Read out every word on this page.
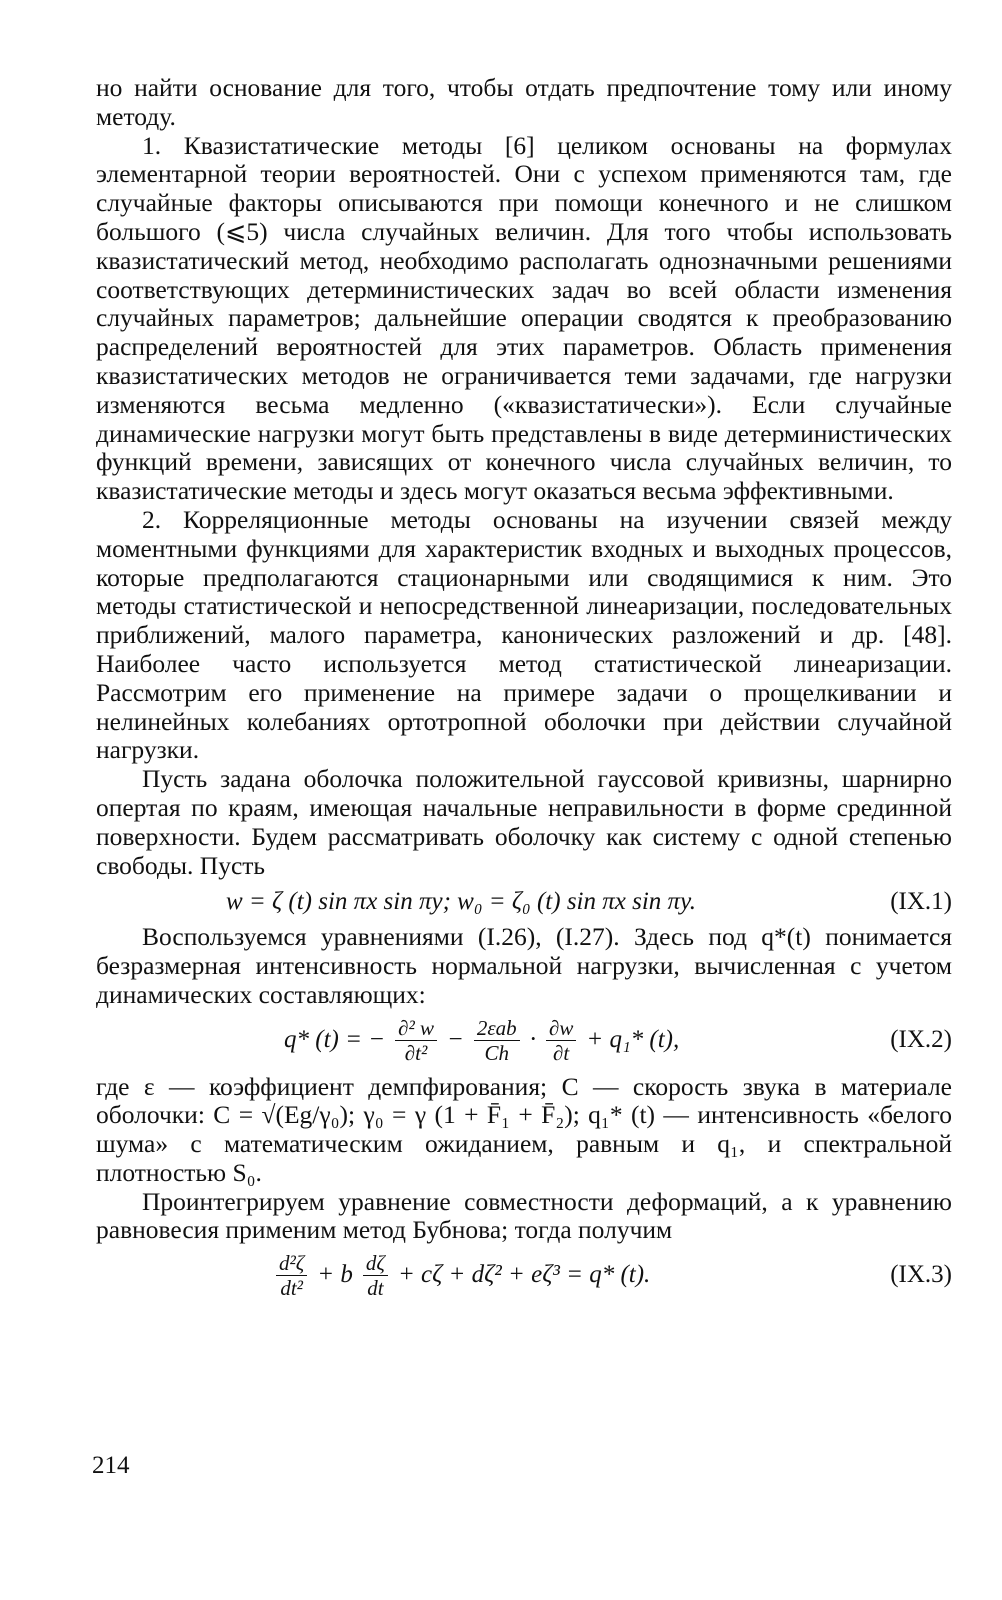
но найти основание для того, чтобы отдать предпочтение тому или иному методу.

1. Квазистатические методы [6] целиком основаны на формулах элементарной теории вероятностей. Они с успехом применяются там, где случайные факторы описываются при помощи конечного и не слишком большого (⩽5) числа случайных величин. Для того чтобы использовать квазистатический метод, необходимо располагать однозначными решениями соответствующих детерминистических задач во всей области изменения случайных параметров; дальнейшие операции сводятся к преобразованию распределений вероятностей для этих параметров. Область применения квазистатических методов не ограничивается теми задачами, где нагрузки изменяются весьма медленно («квазистатически»). Если случайные динамические нагрузки могут быть представлены в виде детерминистических функций времени, зависящих от конечного числа случайных величин, то квазистатические методы и здесь могут оказаться весьма эффективными.

2. Корреляционные методы основаны на изучении связей между моментными функциями для характеристик входных и выходных процессов, которые предполагаются стационарными или сводящимися к ним. Это методы статистической и непосредственной линеаризации, последовательных приближений, малого параметра, канонических разложений и др. [48]. Наиболее часто используется метод статистической линеаризации. Рассмотрим его применение на примере задачи о прощелкивании и нелинейных колебаниях ортотропной оболочки при действии случайной нагрузки.

Пусть задана оболочка положительной гауссовой кривизны, шарнирно опертая по краям, имеющая начальные неправильности в форме срединной поверхности. Будем рассматривать оболочку как систему с одной степенью свободы. Пусть

w = ζ (t) sin πx sin πy; w₀ = ζ₀ (t) sin πx sin πy.	(IX.1)

Воспользуемся уравнениями (I.26), (I.27). Здесь под q*(t) понимается безразмерная интенсивность нормальной нагрузки, вычисленная с учетом динамических составляющих:

q* (t) = − $\frac{\text{∂² w}}{\text{∂t²}} - \frac{\text{2εab}}{Ch} \cdot \frac{\partial w}{\partial t} + q_1*$ (t),	(IX.2)

где ε — коэффициент демпфирования; C — скорость звука в материале оболочки: C = √(Eg/γ₀); γ₀ = γ (1 + F̄₁ + F̄₂); q₁* (t) — интенсивность «белого шума» с математическим ожиданием, равным и q₁, и спектральной плотностью S₀.

Проинтегрируем уравнение совместности деформаций, а к уравнению равновесия применим метод Бубнова; тогда получим

$\frac{\text{d²ζ}}{\text{dt²}} + b \frac{d\zeta}{dt} + c\zeta + d\zeta^2 + e\zeta^3 = q*$ (t).	(IX.3)
214
